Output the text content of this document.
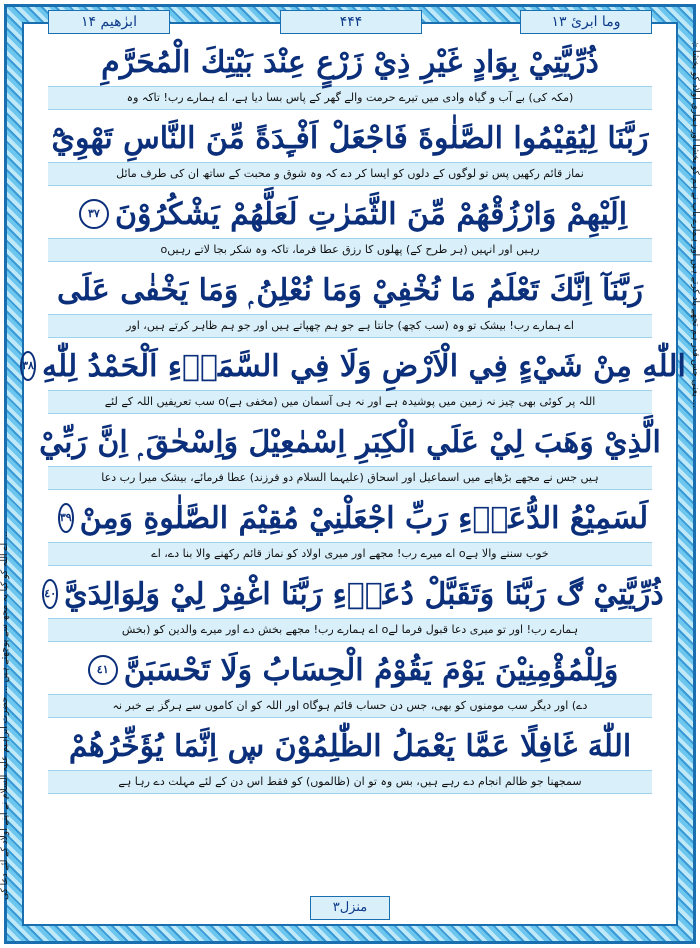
☆یعنی جس قدر ہم تجھے یاد کرتے ہیں اور ہمارے باپ نے ہم کو بخشا اور ہماری اولاد کو بخشا ...
اے اللہ کو کیا یہ مجھ سے پوچھتے ہیں ... حضرت ابراہیم علیہ السلام نے اپنے اولاد کے لئے دعا کی ...
ابرٰهيم ١۴	۴۴۴	وما ابرئ ١٣
ذُرِّيَّتِيْ بِوَادٍ غَيْرِ ذِيْ زَرْعٍ عِنْدَ بَيْتِكَ الْمُحَرَّمِ
(مکہ کی) بے آب و گیاہ وادی میں تیرے حرمت والے گھر کے پاس بسا دیا ہے، اے ہمارے رب! تاکہ وہ
رَبَّنَا لِيُقِيْمُوا الصَّلٰوةَ فَاجْعَلْ اَفْـِٕدَةً مِّنَ النَّاسِ تَهْوِيْٓ
نماز قائم رکھیں پس تو لوگوں کے دلوں کو ایسا کر دے کہ وہ شوق و محبت کے ساتھ ان کی طرف مائل
اِلَيْهِمْ وَارْزُقْهُمْ مِّنَ الثَّمَرٰتِ لَعَلَّهُمْ يَشْكُرُوْنَ
٣٧
رہیں اور انہیں (ہر طرح کے) پھلوں کا رزق عطا فرما، تاکہ وہ شکر بجا لاتے رہیںo
رَبَّنَآ اِنَّكَ تَعْلَمُ مَا نُخْفِيْ وَمَا نُعْلِنُ ۭ وَمَا يَخْفٰى عَلَى
اے ہمارے رب! بیشک تو وہ (سب کچھ) جانتا ہے جو ہم چھپاتے ہیں اور جو ہم ظاہر کرتے ہیں، اور
اللّٰهِ مِنْ شَيْءٍ فِي الْاَرْضِ وَلَا فِي السَّمَاۗءِ اَلْحَمْدُ لِلّٰهِ
٣٨
اللہ پر کوئی بھی چیز نہ زمین میں پوشیدہ ہے اور نہ ہی آسمان میں (مخفی ہے)o سب تعریفیں اللہ کے لئے
الَّذِيْ وَهَبَ لِيْ عَلَي الْكِبَرِ اِسْمٰعِيْلَ وَاِسْحٰقَ ۭ اِنَّ رَبِّيْ
ہیں جس نے مجھے بڑھاپے میں اسماعیل اور اسحاق (علیہما السلام دو فرزند) عطا فرمائے، بیشک میرا رب دعا
لَسَمِيْعُ الدُّعَاۗءِ رَبِّ اجْعَلْنِيْ مُقِيْمَ الصَّلٰوةِ وَمِنْ
٣٩
خوب سننے والا ہےo اے میرے رب! مجھے اور میری اولاد کو نماز قائم رکھنے والا بنا دے، اے
ذُرِّيَّتِيْ ڰ رَبَّنَا وَتَقَبَّلْ دُعَاۗءِ رَبَّنَا اغْفِرْ لِيْ وَلِوَالِدَيَّ
٤٠
ہمارے رب! اور تو میری دعا قبول فرما لےo اے ہمارے رب! مجھے بخش دے اور میرے والدین کو (بخش
وَلِلْمُؤْمِنِيْنَ يَوْمَ يَقُوْمُ الْحِسَابُ وَلَا تَحْسَبَنَّ
٤١
دے) اور دیگر سب مومنوں کو بھی، جس دن حساب قائم ہوگاo اور اللہ کو ان کاموں سے ہرگز بے خبر نہ
اللّٰهَ غَافِلًا عَمَّا يَعْمَلُ الظّٰلِمُوْنَ ڛ اِنَّمَا يُؤَخِّرُهُمْ
سمجھنا جو ظالم انجام دے رہے ہیں، بس وہ تو ان (ظالموں) کو فقط اس دن کے لئے مہلت دے رہا ہے
منزل٣
